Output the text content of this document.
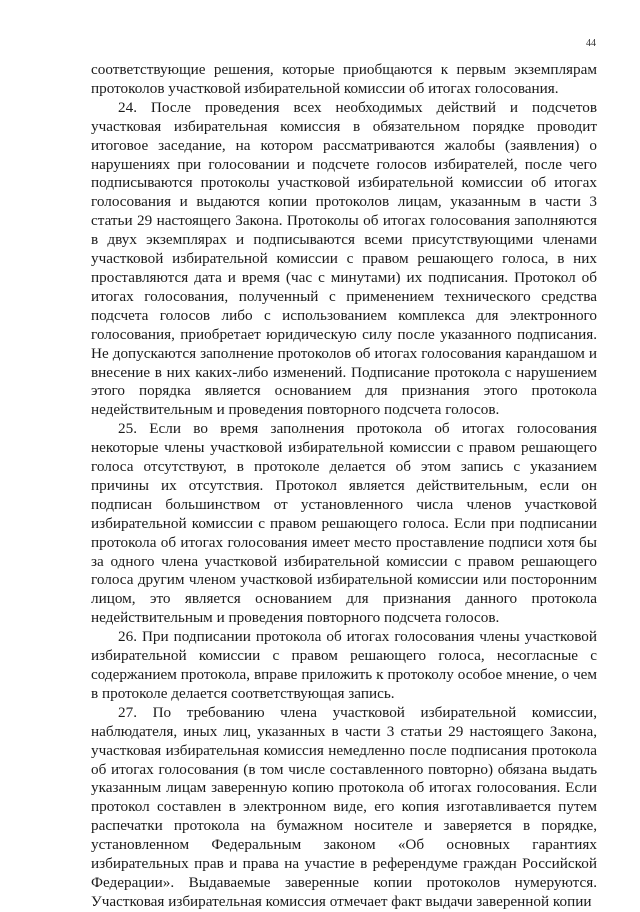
44

соответствующие решения, которые приобщаются к первым экземплярам протоколов участковой избирательной комиссии об итогах голосования.

24. После проведения всех необходимых действий и подсчетов участковая избирательная комиссия в обязательном порядке проводит итоговое заседание, на котором рассматриваются жалобы (заявления) о нарушениях при голосовании и подсчете голосов избирателей, после чего подписываются протоколы участковой избирательной комиссии об итогах голосования и выдаются копии протоколов лицам, указанным в части 3 статьи 29 настоящего Закона. Протоколы об итогах голосования заполняются в двух экземплярах и подписываются всеми присутствующими членами участковой избирательной комиссии с правом решающего голоса, в них проставляются дата и время (час с минутами) их подписания. Протокол об итогах голосования, полученный с применением технического средства подсчета голосов либо с использованием комплекса для электронного голосования, приобретает юридическую силу после указанного подписания. Не допускаются заполнение протоколов об итогах голосования карандашом и внесение в них каких-либо изменений. Подписание протокола с нарушением этого порядка является основанием для признания этого протокола недействительным и проведения повторного подсчета голосов.

25. Если во время заполнения протокола об итогах голосования некоторые члены участковой избирательной комиссии с правом решающего голоса отсутствуют, в протоколе делается об этом запись с указанием причины их отсутствия. Протокол является действительным, если он подписан большинством от установленного числа членов участковой избирательной комиссии с правом решающего голоса. Если при подписании протокола об итогах голосования имеет место проставление подписи хотя бы за одного члена участковой избирательной комиссии с правом решающего голоса другим членом участковой избирательной комиссии или посторонним лицом, это является основанием для признания данного протокола недействительным и проведения повторного подсчета голосов.

26. При подписании протокола об итогах голосования члены участковой избирательной комиссии с правом решающего голоса, несогласные с содержанием протокола, вправе приложить к протоколу особое мнение, о чем в протоколе делается соответствующая запись.

27. По требованию члена участковой избирательной комиссии, наблюдателя, иных лиц, указанных в части 3 статьи 29 настоящего Закона, участковая избирательная комиссия немедленно после подписания протокола об итогах голосования (в том числе составленного повторно) обязана выдать указанным лицам заверенную копию протокола об итогах голосования. Если протокол составлен в электронном виде, его копия изготавливается путем распечатки протокола на бумажном носителе и заверяется в порядке, установленном Федеральным законом «Об основных гарантиях избирательных прав и права на участие в референдуме граждан Российской Федерации». Выдаваемые заверенные копии протоколов нумеруются. Участковая избирательная комиссия отмечает факт выдачи заверенной копии
